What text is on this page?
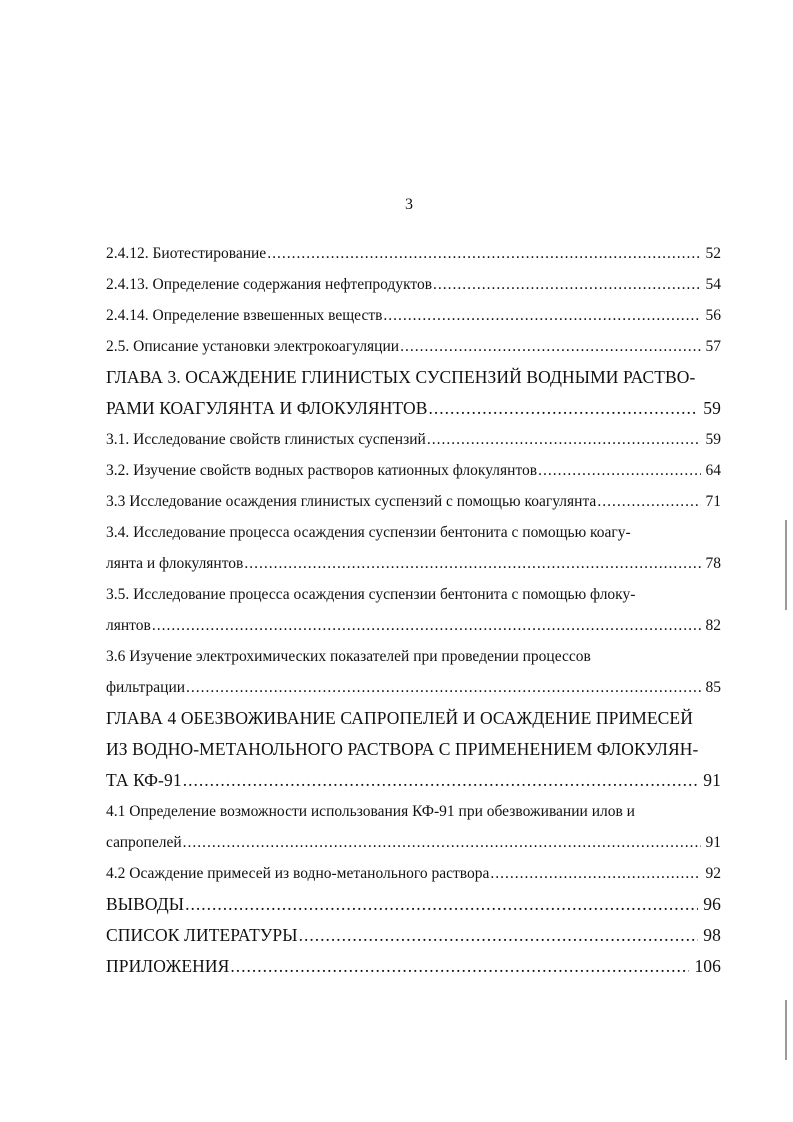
3
2.4.12. Биотестирование .....	52
2.4.13. Определение содержания нефтепродуктов .....	54
2.4.14. Определение взвешенных веществ .....	56
2.5. Описание установки электрокоагуляции .....	57
ГЛАВА 3. ОСАЖДЕНИЕ ГЛИНИСТЫХ СУСПЕНЗИЙ ВОДНЫМИ РАСТВО-
РАМИ КОАГУЛЯНТА И ФЛОКУЛЯНТОВ .....	59
3.1. Исследование свойств глинистых суспензий .....	59
3.2. Изучение свойств водных растворов катионных флокулянтов .....	64
3.3 Исследование осаждения глинистых суспензий с помощью коагулянта .....	71
3.4. Исследование процесса осаждения суспензии бентонита с помощью коагу-
лянта и флокулянтов .....	78
3.5. Исследование процесса осаждения суспензии бентонита с помощью флоку-
лянтов .....	82
3.6 Изучение электрохимических показателей при проведении процессов
фильтрации .....	85
ГЛАВА 4 ОБЕЗВОЖИВАНИЕ САПРОПЕЛЕЙ И ОСАЖДЕНИЕ ПРИМЕСЕЙ
ИЗ ВОДНО-МЕТАНОЛЬНОГО РАСТВОРА С ПРИМЕНЕНИЕМ ФЛОКУЛЯН-
ТА КФ-91 .....	91
4.1 Определение возможности использования КФ-91 при обезвоживании илов и
сапропелей .....	91
4.2 Осаждение примесей из водно-метанольного раствора .....	92
ВЫВОДЫ .....	96
СПИСОК ЛИТЕРАТУРЫ .....	98
ПРИЛОЖЕНИЯ .....	106
